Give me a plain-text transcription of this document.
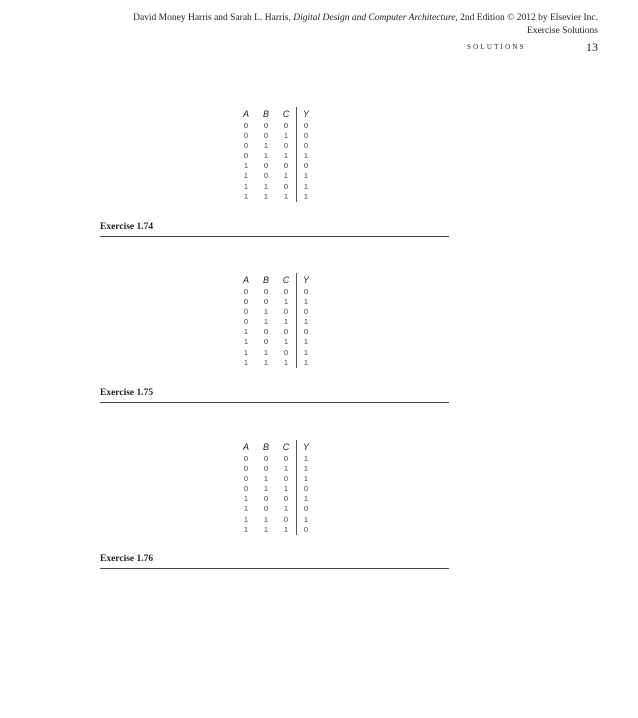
David Money Harris and Sarah L. Harris, Digital Design and Computer Architecture, 2nd Edition © 2012 by Elsevier Inc.
Exercise Solutions
SOLUTIONS	13
A	B	C	Y
0	0	0	0
0	0	1	0
0	1	0	0
0	1	1	1
1	0	0	0
1	0	1	1
1	1	0	1
1	1	1	1
Exercise 1.74
A	B	C	Y
0	0	0	0
0	0	1	1
0	1	0	0
0	1	1	1
1	0	0	0
1	0	1	1
1	1	0	1
1	1	1	1
Exercise 1.75
A	B	C	Y
0	0	0	1
0	0	1	1
0	1	0	1
0	1	1	0
1	0	0	1
1	0	1	0
1	1	0	1
1	1	1	0
Exercise 1.76
